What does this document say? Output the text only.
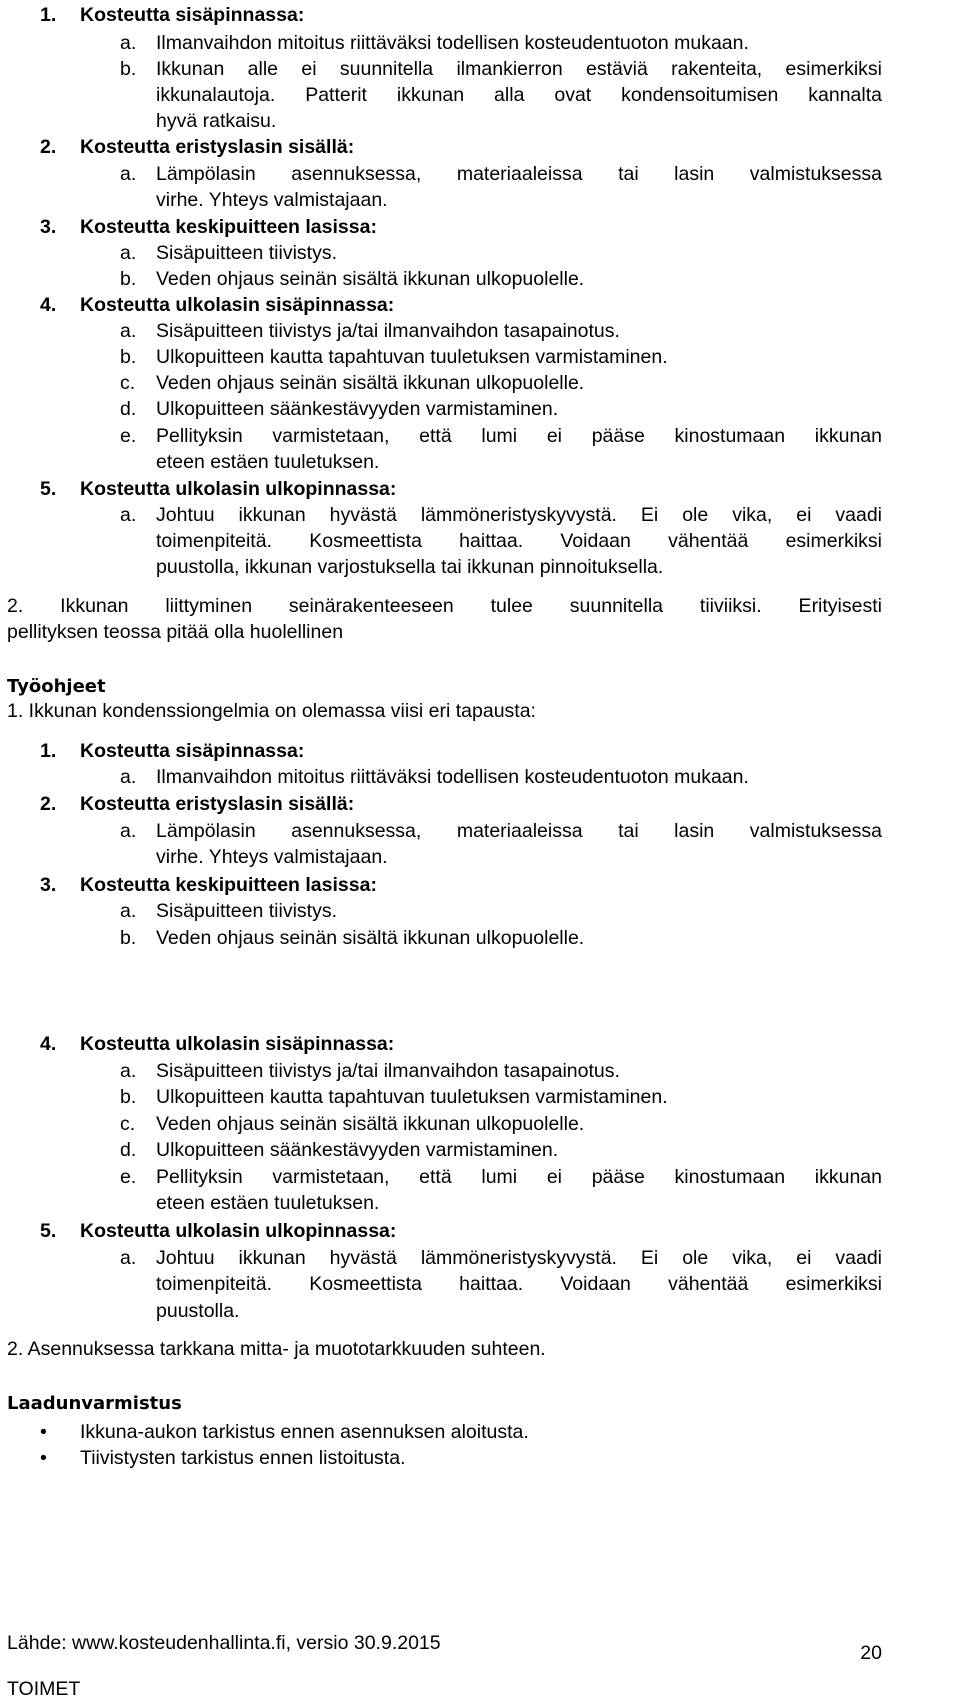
1. Kosteutta sisäpinnassa:
a. Ilmanvaihdon mitoitus riittäväksi todellisen kosteudentuoton mukaan.
b. Ikkunan alle ei suunnitella ilmankierron estäviä rakenteita, esimerkiksi
ikkunalautoja. Patterit ikkunan alla ovat kondensoitumisen kannalta
hyvä ratkaisu.
2. Kosteutta eristyslasin sisällä:
a. Lämpölasin asennuksessa, materiaaleissa tai lasin valmistuksessa
virhe. Yhteys valmistajaan.
3. Kosteutta keskipuitteen lasissa:
a. Sisäpuitteen tiivistys.
b. Veden ohjaus seinän sisältä ikkunan ulkopuolelle.
4. Kosteutta ulkolasin sisäpinnassa:
a. Sisäpuitteen tiivistys ja/tai ilmanvaihdon tasapainotus.
b. Ulkopuitteen kautta tapahtuvan tuuletuksen varmistaminen.
c. Veden ohjaus seinän sisältä ikkunan ulkopuolelle.
d. Ulkopuitteen säänkestävyyden varmistaminen.
e. Pellityksin varmistetaan, että lumi ei pääse kinostumaan ikkunan
eteen estäen tuuletuksen.
5. Kosteutta ulkolasin ulkopinnassa:
a. Johtuu ikkunan hyvästä lämmöneristyskyvystä. Ei ole vika, ei vaadi
toimenpiteitä. Kosmeettista haittaa. Voidaan vähentää esimerkiksi
puustolla, ikkunan varjostuksella tai ikkunan pinnoituksella.
2. Ikkunan liittyminen seinärakenteeseen tulee suunnitella tiiviiksi. Erityisesti
pellityksen teossa pitää olla huolellinen
Työohjeet
1. Ikkunan kondenssiongelmia on olemassa viisi eri tapausta:
1. Kosteutta sisäpinnassa:
a. Ilmanvaihdon mitoitus riittäväksi todellisen kosteudentuoton mukaan.
2. Kosteutta eristyslasin sisällä:
a. Lämpölasin asennuksessa, materiaaleissa tai lasin valmistuksessa
virhe. Yhteys valmistajaan.
3. Kosteutta keskipuitteen lasissa:
a. Sisäpuitteen tiivistys.
b. Veden ohjaus seinän sisältä ikkunan ulkopuolelle.
4. Kosteutta ulkolasin sisäpinnassa:
a. Sisäpuitteen tiivistys ja/tai ilmanvaihdon tasapainotus.
b. Ulkopuitteen kautta tapahtuvan tuuletuksen varmistaminen.
c. Veden ohjaus seinän sisältä ikkunan ulkopuolelle.
d. Ulkopuitteen säänkestävyyden varmistaminen.
e. Pellityksin varmistetaan, että lumi ei pääse kinostumaan ikkunan
eteen estäen tuuletuksen.
5. Kosteutta ulkolasin ulkopinnassa:
a. Johtuu ikkunan hyvästä lämmöneristyskyvystä. Ei ole vika, ei vaadi
toimenpiteitä. Kosmeettista haittaa. Voidaan vähentää esimerkiksi
puustolla.
2. Asennuksessa tarkkana mitta- ja muototarkkuuden suhteen.
Laadunvarmistus
• Ikkuna-aukon tarkistus ennen asennuksen aloitusta.
• Tiivistysten tarkistus ennen listoitusta.
Lähde: www.kosteudenhallinta.fi, versio 30.9.2015	20
TOIMET
